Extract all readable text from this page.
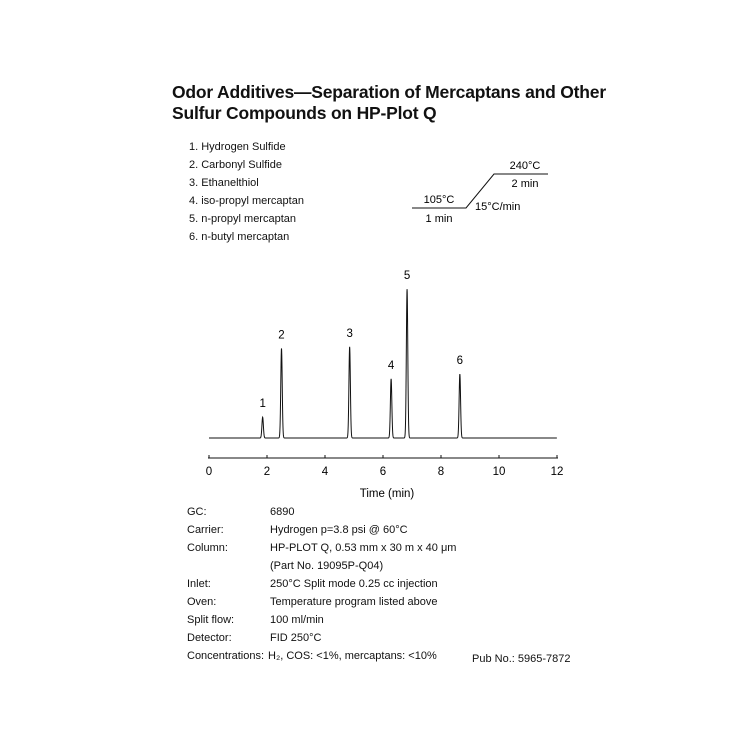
Odor Additives—Separation of Mercaptans and Other
Sulfur Compounds on HP-Plot Q
1. Hydrogen Sulfide
2. Carbonyl Sulfide
3. Ethanelthiol
4. iso-propyl mercaptan
5. n-propyl mercaptan
6. n-butyl mercaptan
105°C
1 min
15°C/min
240°C
2 min
0	2	4	6	8	10	12
1
2	3
4
5
6
Time (min)
GC:	6890
Carrier:	Hydrogen p=3.8 psi @ 60°C
Column:	HP-PLOT Q, 0.53 mm x 30 m x 40 μm
(Part No. 19095P-Q04)
Inlet:	250°C Split mode 0.25 cc injection
Oven:	Temperature program listed above
Split flow:	100 ml/min
Detector:	FID 250°C
Concentrations: H₂, COS: <1%, mercaptans: <10%	Pub No.: 5965-7872
